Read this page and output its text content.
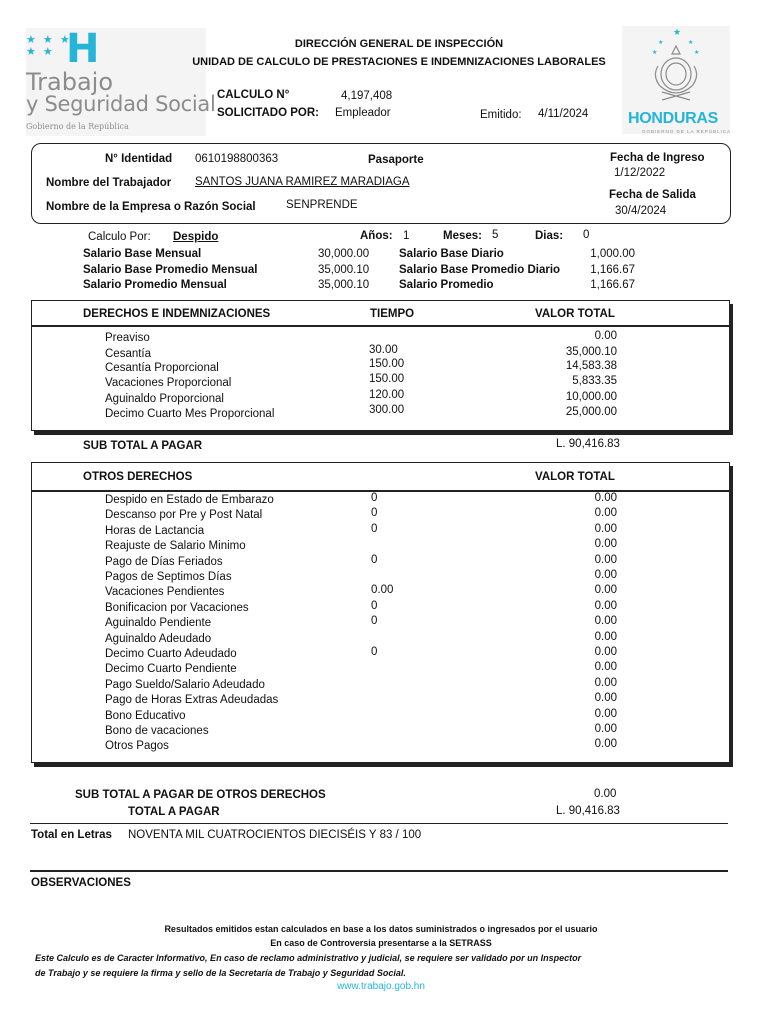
★ ★ ★
★ ★ H
Trabajo
y Seguridad Social
Gobierno de la República
DIRECCIÓN GENERAL DE INSPECCIÓN
UNIDAD DE CALCULO DE PRESTACIONES E INDEMNIZACIONES LABORALES
★
★	★
★	★
HONDURAS
GOBIERNO DE LA REPÚBLICA
CALCULO N°	4,197,408
SOLICITADO POR: Empleador	Emitido: 4/11/2024
N° Identidad 0610198800363	Pasaporte	Fecha de Ingreso
1/12/2022
Nombre del Trabajador SANTOS JUANA RAMIREZ MARADIAGA
Fecha de Salida
30/4/2024
Nombre de la Empresa o Razón Social	SENPRENDE
Calculo Por: Despido	Años: 1	Meses: 5	Dias: 0
Salario Base Mensual	30,000.00	Salario Base Diario	1,000.00
Salario Base Promedio Mensual	35,000.10	Salario Base Promedio Diario	1,166.67
Salario Promedio Mensual	35,000.10	Salario Promedio	1,166.67
DERECHOS E INDEMNIZACIONES	TIEMPO	VALOR TOTAL
Preaviso	0.00
Cesantía	30.00	35,000.10
Cesantía Proporcional	150.00	14,583.38
Vacaciones Proporcional	150.00	5,833.35
Aguinaldo Proporcional	120.00	10,000.00
Decimo Cuarto Mes Proporcional	300.00	25,000.00
SUB TOTAL A PAGAR	L. 90,416.83
OTROS DERECHOS	VALOR TOTAL
Despido en Estado de Embarazo	0	0.00
Descanso por Pre y Post Natal	0	0.00
Horas de Lactancia	0	0.00
Reajuste de Salario Minimo	0.00
Pago de Días Feriados	0	0.00
Pagos de Septimos Días	0.00
Vacaciones Pendientes	0.00	0.00
Bonificacion por Vacaciones	0	0.00
Aguinaldo Pendiente	0	0.00
Aguinaldo Adeudado	0.00
Decimo Cuarto Adeudado	0	0.00
Decimo Cuarto Pendiente	0.00
Pago Sueldo/Salario Adeudado	0.00
Pago de Horas Extras Adeudadas	0.00
Bono Educativo	0.00
Bono de vacaciones	0.00
Otros Pagos	0.00
SUB TOTAL A PAGAR DE OTROS DERECHOS	0.00
TOTAL A PAGAR	L. 90,416.83
Total en Letras NOVENTA MIL CUATROCIENTOS DIECISÉIS Y 83 / 100
OBSERVACIONES
Resultados emitidos estan calculados en base a los datos suministrados o ingresados por el usuario
En caso de Controversia presentarse a la SETRASS
Este Calculo es de Caracter Informativo, En caso de reclamo administrativo y judicial, se requiere ser validado por un Inspector
de Trabajo y se requiere la firma y sello de la Secretaría de Trabajo y Seguridad Social.
www.trabajo.gob.hn
